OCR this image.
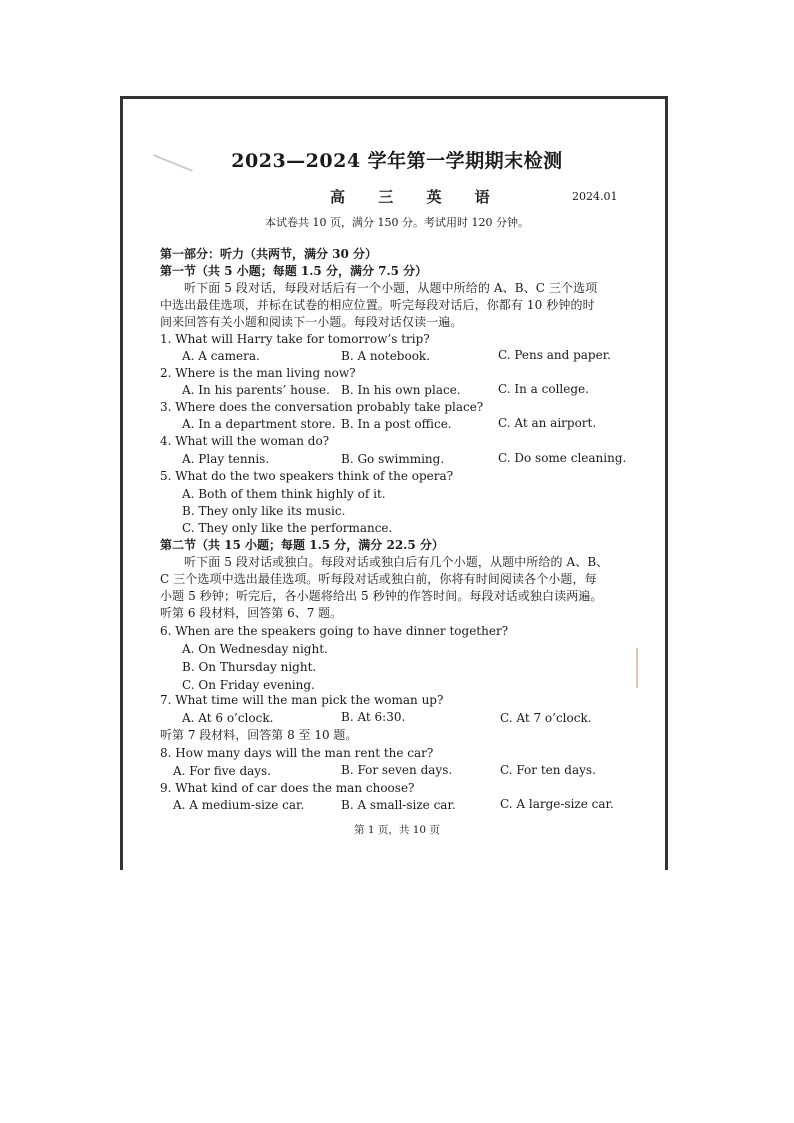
2023—2024 学年第一学期期末检测
高 三 英 语	2024.01
本试卷共 10 页，满分 150 分。考试用时 120 分钟。
第一部分：听力（共两节，满分 30 分）
第一节（共 5 小题；每题 1.5 分，满分 7.5 分）
听下面 5 段对话，每段对话后有一个小题，从题中所给的 A、B、C 三个选项
中选出最佳选项，并标在试卷的相应位置。听完每段对话后，你都有 10 秒钟的时
间来回答有关小题和阅读下一小题。每段对话仅读一遍。
1. What will Harry take for tomorrow’s trip?
A. A camera.	B. A notebook.	C. Pens and paper.
2. Where is the man living now?
A. In his parents’ house. B. In his own place.	C. In a college.
3. Where does the conversation probably take place?
A. In a department store. B. In a post office.	C. At an airport.
4. What will the woman do?
A. Play tennis.	B. Go swimming.	C. Do some cleaning.
5. What do the two speakers think of the opera?
A. Both of them think highly of it.
B. They only like its music.
C. They only like the performance.
第二节（共 15 小题；每题 1.5 分，满分 22.5 分）
听下面 5 段对话或独白。每段对话或独白后有几个小题，从题中所给的 A、B、
C 三个选项中选出最佳选项。听每段对话或独白前，你将有时间阅读各个小题，每
小题 5 秒钟；听完后，各小题将给出 5 秒钟的作答时间。每段对话或独白读两遍。
听第 6 段材料，回答第 6、7 题。
6. When are the speakers going to have dinner together?
A. On Wednesday night.
B. On Thursday night.
C. On Friday evening.
7. What time will the man pick the woman up?
A. At 6 o’clock.	B. At 6:30.	C. At 7 o’clock.
听第 7 段材料，回答第 8 至 10 题。
8. How many days will the man rent the car?
A. For five days.	B. For seven days.	C. For ten days.
9. What kind of car does the man choose?
A. A medium-size car.	B. A small-size car.	C. A large-size car.
第 1 页，共 10 页
